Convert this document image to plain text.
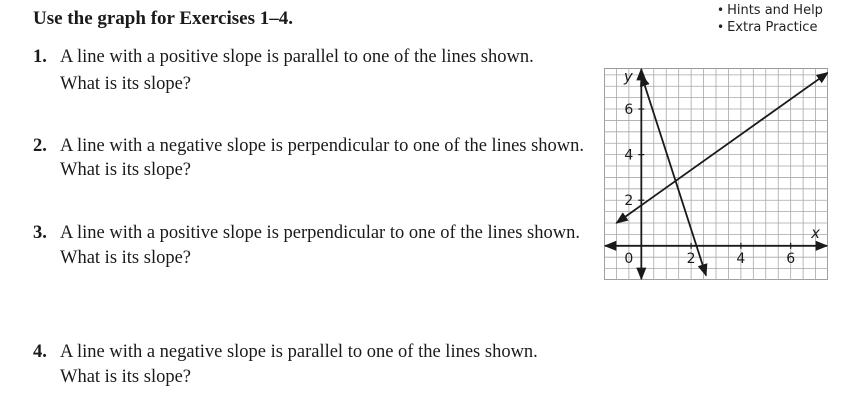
Use the graph for Exercises 1–4.	• Hints and Help
• Extra Practice
1. A line with a positive slope is parallel to one of the lines shown.
What is its slope?
2. A line with a negative slope is perpendicular to one of the lines shown.
What is its slope?
3. A line with a positive slope is perpendicular to one of the lines shown.
What is its slope?
4. A line with a negative slope is parallel to one of the lines shown.
What is its slope?
2	4	6
2
4
6
0
x
y
